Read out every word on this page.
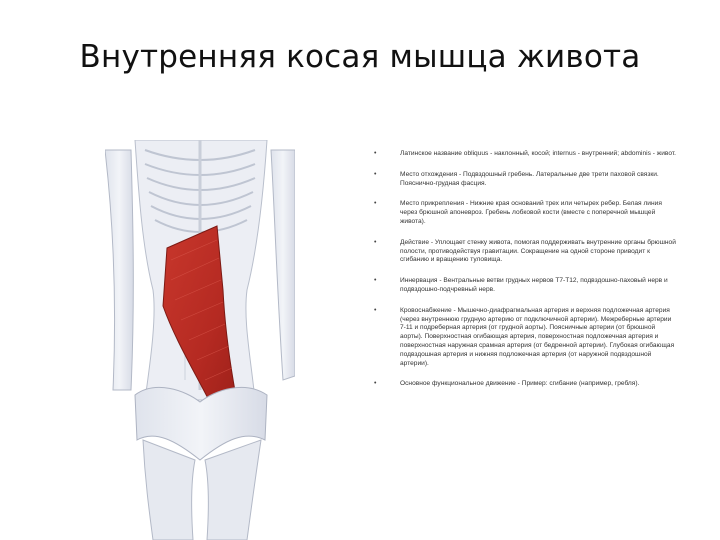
Внутренняя косая мышца живота
•	Латинское название obliquus - наклонный, косой; internus - внутренний; abdominis - живот.
•	Место отхождения - Подвздошный гребень. Латеральные две трети паховой связки. Пояснично-грудная фасция.
•	Место прикрепления - Нижние края оснований трех или четырех ребер. Белая линия через брюшной апоневроз. Гребень лобковой кости (вместе с поперечной мышцей живота).
•	Действие - Уплощает стенку живота, помогая поддерживать внутренние органы брюшной полости, противодействуя гравитации. Сокращение на одной стороне приводит к сгибанию и вращению туловища.
•	Иннервация - Вентральные ветви грудных нервов Т7-Т12, подвздошно-паховый нерв и подвздошно-подчревный нерв.
•	Кровоснабжение - Мышечно-диафрагмальная артерия и верхняя подложечная артерия (через внутреннюю грудную артерию от подключичной артерии). Межреберные артерии 7-11 и подреберная артерия (от грудной аорты). Поясничные артерии (от брюшной аорты). Поверхностная огибающая артерия, поверхностная подложечная артерия и поверхностная наружная срамная артерия (от бедренной артерии). Глубокая огибающая подвздошная артерия и нижняя подложечная артерия (от наружной подвздошной артерии).
•	Основное функциональное движение - Пример: сгибание (например, гребля).
